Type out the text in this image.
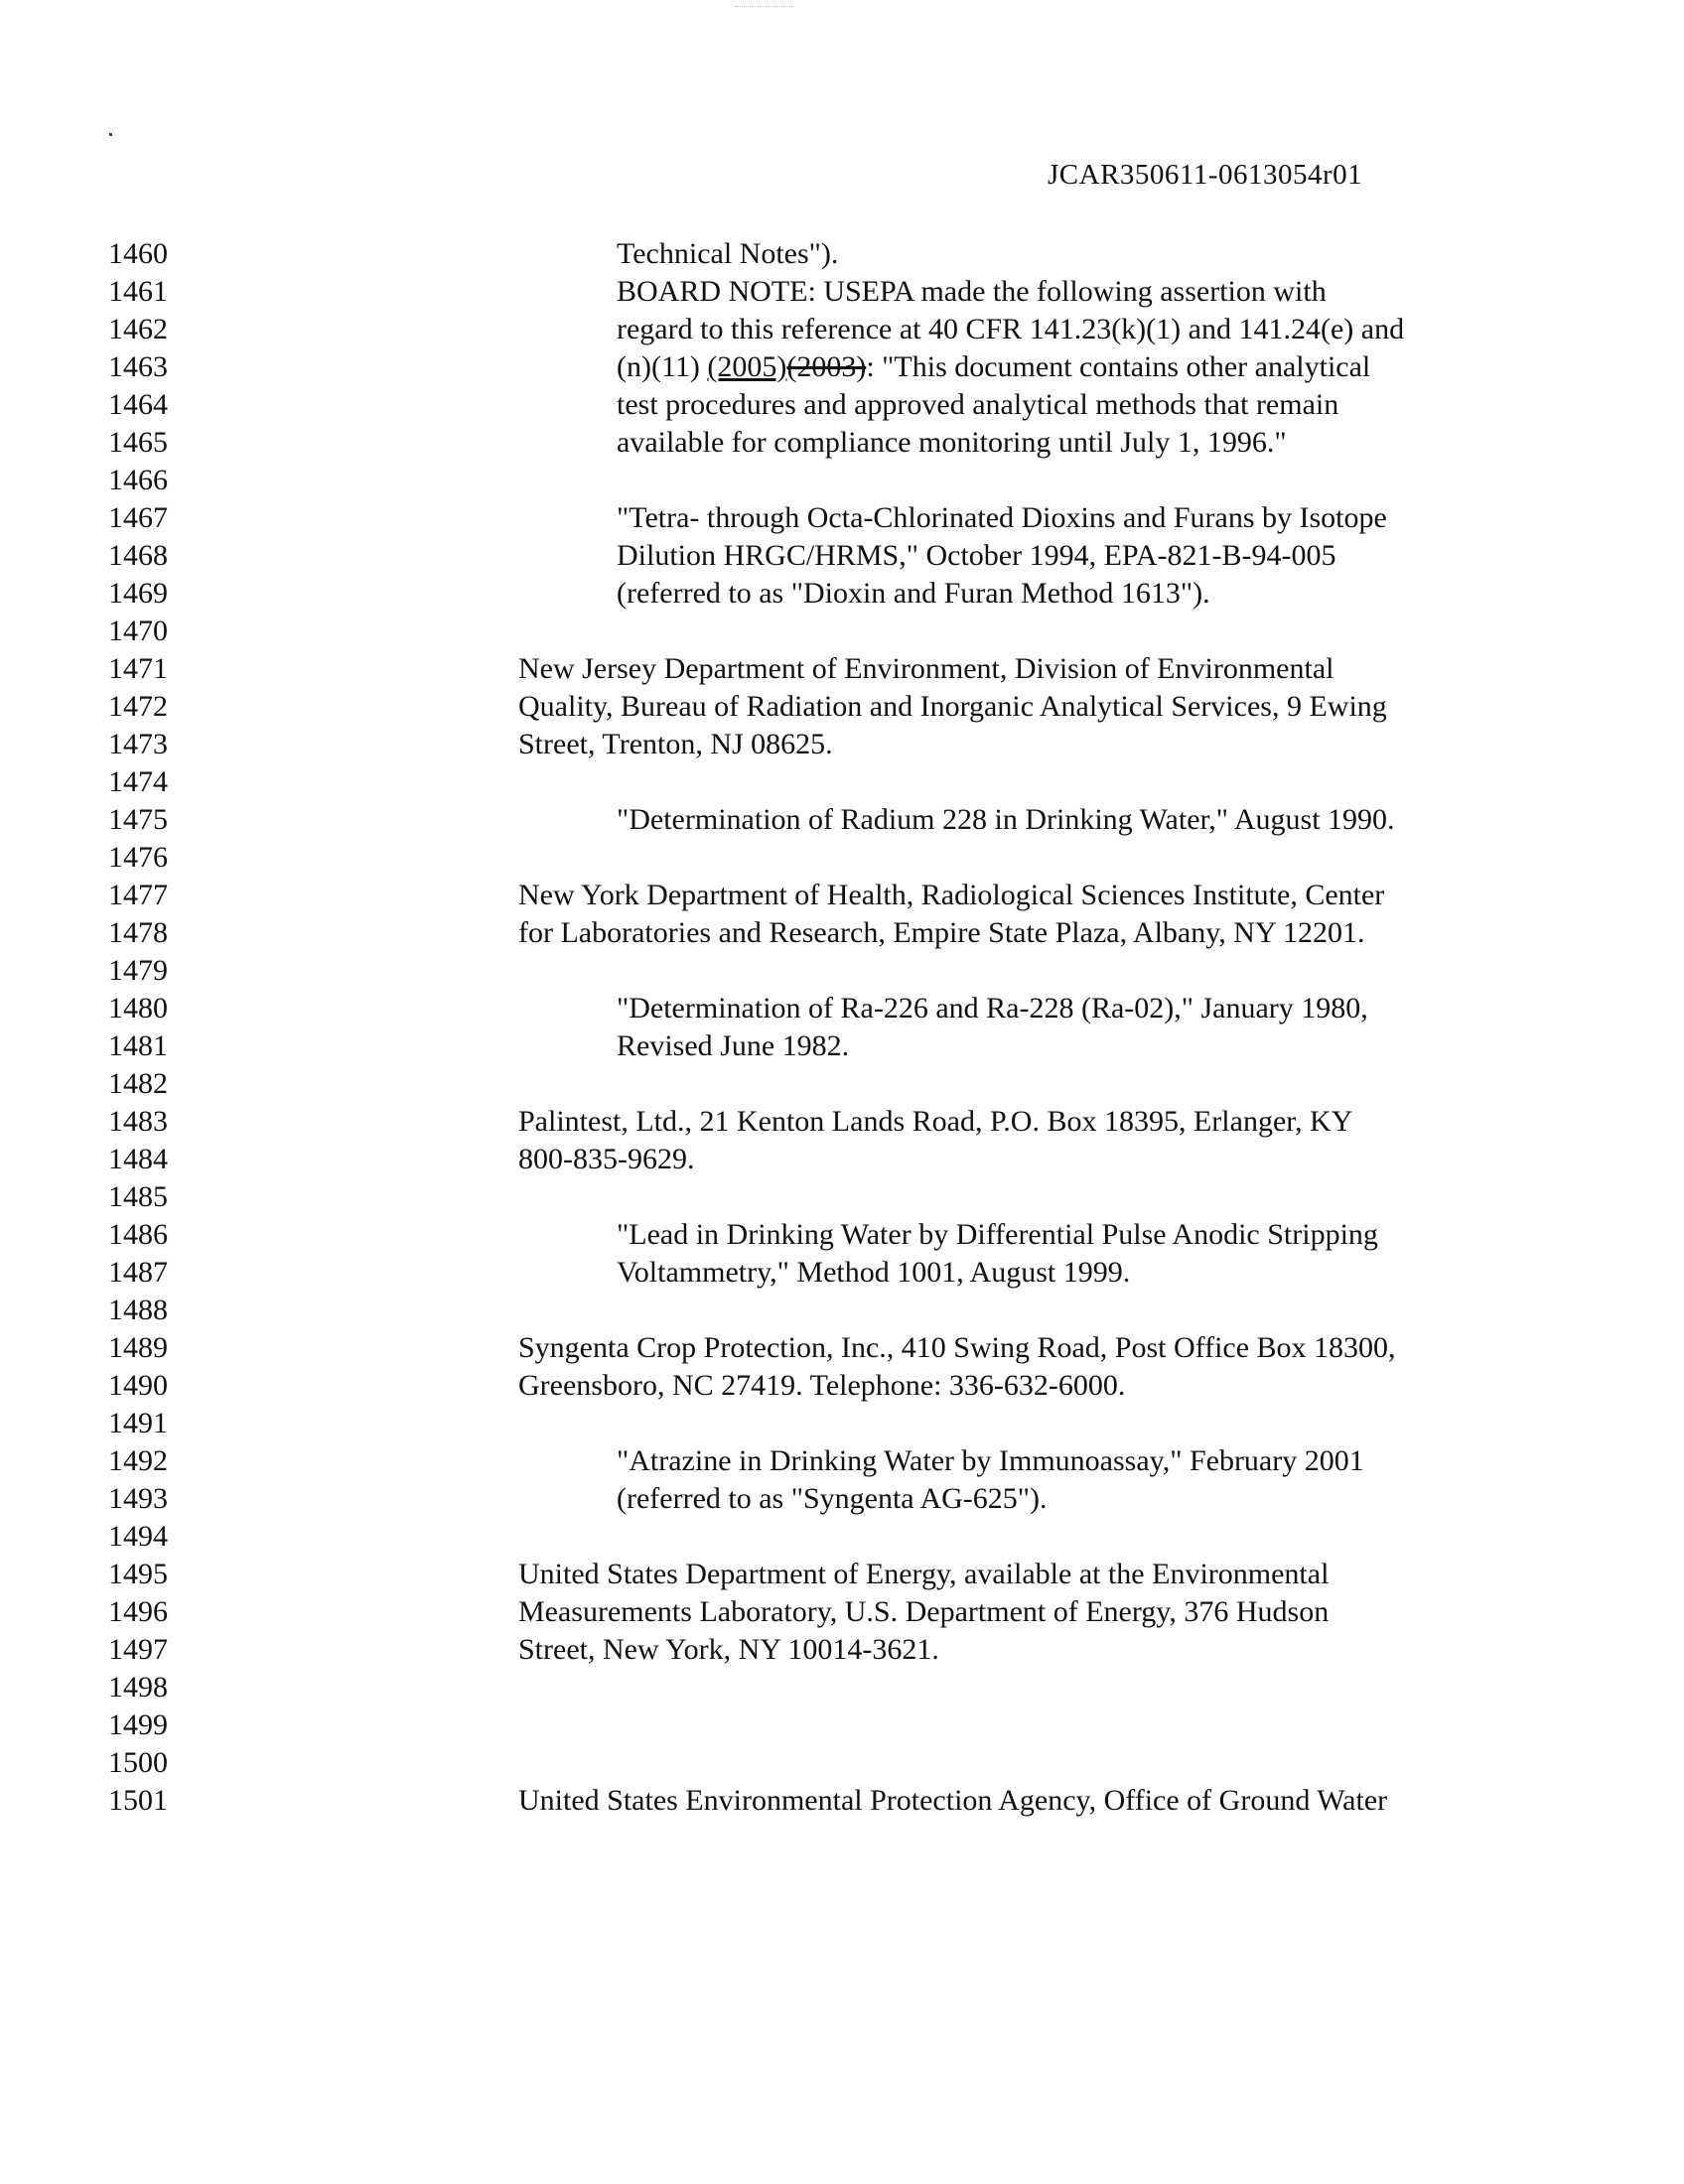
JCAR350611-0613054r01
1460	Technical Notes").
1461	BOARD NOTE: USEPA made the following assertion with
1462	regard to this reference at 40 CFR 141.23(k)(1) and 141.24(e) and
1463	(n)(11) (2005)(2003): "This document contains other analytical
1464	test procedures and approved analytical methods that remain
1465	available for compliance monitoring until July 1, 1996."
1466
1467	"Tetra- through Octa-Chlorinated Dioxins and Furans by Isotope
1468	Dilution HRGC/HRMS," October 1994, EPA-821-B-94-005
1469	(referred to as "Dioxin and Furan Method 1613").
1470
1471	New Jersey Department of Environment, Division of Environmental
1472	Quality, Bureau of Radiation and Inorganic Analytical Services, 9 Ewing
1473	Street, Trenton, NJ 08625.
1474
1475	"Determination of Radium 228 in Drinking Water," August 1990.
1476
1477	New York Department of Health, Radiological Sciences Institute, Center
1478	for Laboratories and Research, Empire State Plaza, Albany, NY 12201.
1479
1480	"Determination of Ra-226 and Ra-228 (Ra-02)," January 1980,
1481	Revised June 1982.
1482
1483	Palintest, Ltd., 21 Kenton Lands Road, P.O. Box 18395, Erlanger, KY
1484	800-835-9629.
1485
1486	"Lead in Drinking Water by Differential Pulse Anodic Stripping
1487	Voltammetry," Method 1001, August 1999.
1488
1489	Syngenta Crop Protection, Inc., 410 Swing Road, Post Office Box 18300,
1490	Greensboro, NC 27419. Telephone: 336-632-6000.
1491
1492	"Atrazine in Drinking Water by Immunoassay," February 2001
1493	(referred to as "Syngenta AG-625").
1494
1495	United States Department of Energy, available at the Environmental
1496	Measurements Laboratory, U.S. Department of Energy, 376 Hudson
1497	Street, New York, NY 10014-3621.
1498
1499
1500
1501	United States Environmental Protection Agency, Office of Ground Water
